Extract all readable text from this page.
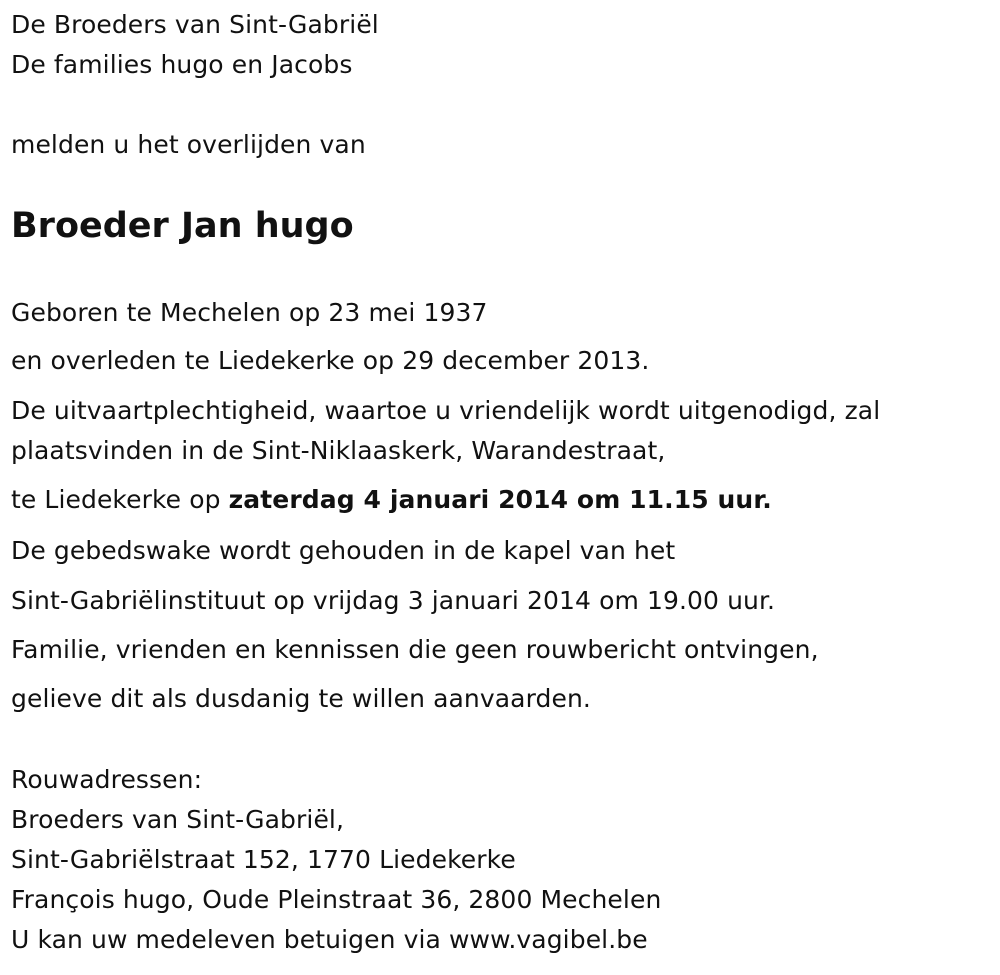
De Broeders van Sint-Gabriël
De families hugo en Jacobs
melden u het overlijden van
Broeder Jan hugo
Geboren te Mechelen op 23 mei 1937
en overleden te Liedekerke op 29 december 2013.
De uitvaartplechtigheid, waartoe u vriendelijk wordt uitgenodigd, zal
plaatsvinden in de Sint-Niklaaskerk, Warandestraat,
te Liedekerke op zaterdag 4 januari 2014 om 11.15 uur.
De gebedswake wordt gehouden in de kapel van het
Sint-Gabriëlinstituut op vrijdag 3 januari 2014 om 19.00 uur.
Familie, vrienden en kennissen die geen rouwbericht ontvingen,
gelieve dit als dusdanig te willen aanvaarden.
Rouwadressen:
Broeders van Sint-Gabriël,
Sint-Gabriëlstraat 152, 1770 Liedekerke
François hugo, Oude Pleinstraat 36, 2800 Mechelen
U kan uw medeleven betuigen via www.vagibel.be
